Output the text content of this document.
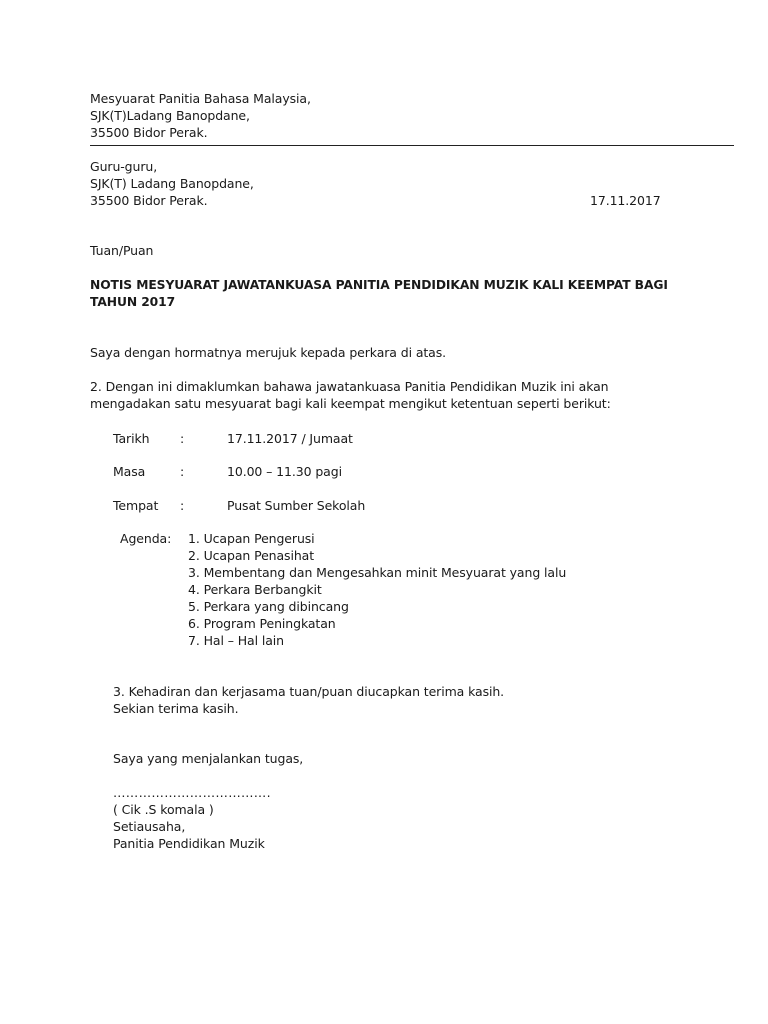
Mesyuarat Panitia Bahasa Malaysia,
SJK(T)Ladang Banopdane,
35500 Bidor Perak.
Guru-guru,
SJK(T) Ladang Banopdane,
35500 Bidor Perak.	17.11.2017
Tuan/Puan
NOTIS MESYUARAT JAWATANKUASA PANITIA PENDIDIKAN MUZIK KALI KEEMPAT BAGI
TAHUN 2017
Saya dengan hormatnya merujuk kepada perkara di atas.
2. Dengan ini dimaklumkan bahawa jawatankuasa Panitia Pendidikan Muzik ini akan
mengadakan satu mesyuarat bagi kali keempat mengikut ketentuan seperti berikut:
Tarikh :	17.11.2017 / Jumaat
Masa	:	10.00 – 11.30 pagi
Tempat :	Pusat Sumber Sekolah
Agenda: 1. Ucapan Pengerusi
2. Ucapan Penasihat
3. Membentang dan Mengesahkan minit Mesyuarat yang lalu
4. Perkara Berbangkit
5. Perkara yang dibincang
6. Program Peningkatan
7. Hal – Hal lain
3. Kehadiran dan kerjasama tuan/puan diucapkan terima kasih.
Sekian terima kasih.
Saya yang menjalankan tugas,
……………………………….
( Cik .S komala )
Setiausaha,
Panitia Pendidikan Muzik
